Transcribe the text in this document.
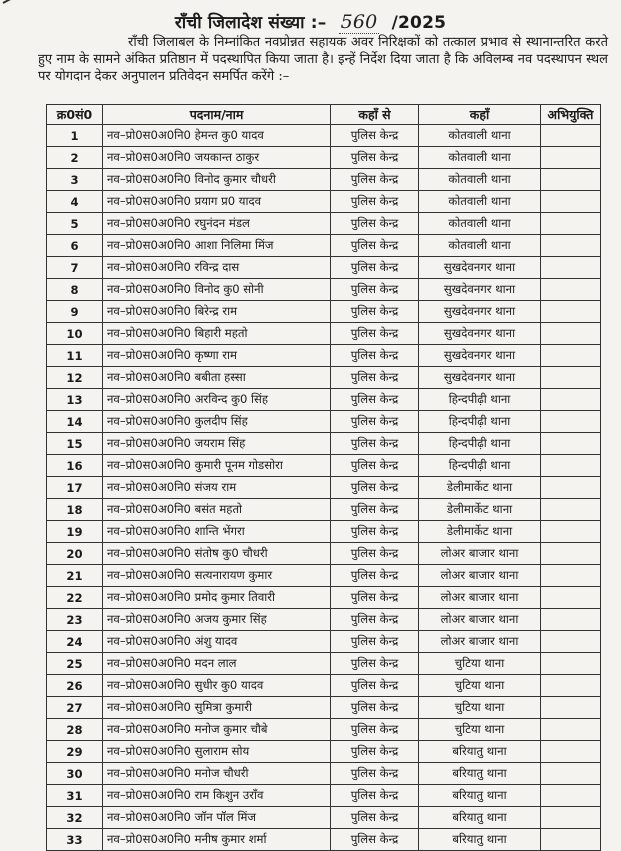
राँची जिलादेश संख्या :– 560 /2025
राँची जिलाबल के निम्नांकित नवप्रोन्नत सहायक अवर निरिक्षकों को तत्काल प्रभाव से स्थानान्तरित करते हुए नाम के सामने अंकित प्रतिष्ठान में पदस्थापित किया जाता है। इन्हें निर्देश दिया जाता है कि अविलम्ब नव पदस्थापन स्थल पर योगदान देकर अनुपालन प्रतिवेदन समर्पित करेंगे :–
क्र0सं0	पदनाम/नाम	कहाँ से	कहाँ	अभियुक्ति
1	नव–प्रो0स0अ0नि0 हेमन्त कु0 यादव	पुलिस केन्द्र	कोतवाली थाना	
2	नव–प्रो0स0अ0नि0 जयकान्त ठाकुर	पुलिस केन्द्र	कोतवाली थाना	
3	नव–प्रो0स0अ0नि0 विनोद कुमार चौधरी	पुलिस केन्द्र	कोतवाली थाना	
4	नव–प्रो0स0अ0नि0 प्रयाग प्र0 यादव	पुलिस केन्द्र	कोतवाली थाना	
5	नव–प्रो0स0अ0नि0 रघुनंदन मंडल	पुलिस केन्द्र	कोतवाली थाना	
6	नव–प्रो0स0अ0नि0 आशा निलिमा मिंज	पुलिस केन्द्र	कोतवाली थाना	
7	नव–प्रो0स0अ0नि0 रविन्द्र दास	पुलिस केन्द्र	सुखदेवनगर थाना	
8	नव–प्रो0स0अ0नि0 विनोद कु0 सोनी	पुलिस केन्द्र	सुखदेवनगर थाना	
9	नव–प्रो0स0अ0नि0 बिरेन्द्र राम	पुलिस केन्द्र	सुखदेवनगर थाना	
10	नव–प्रो0स0अ0नि0 बिहारी महतो	पुलिस केन्द्र	सुखदेवनगर थाना	
11	नव–प्रो0स0अ0नि0 कृष्णा राम	पुलिस केन्द्र	सुखदेवनगर थाना	
12	नव–प्रो0स0अ0नि0 बबीता हस्सा	पुलिस केन्द्र	सुखदेवनगर थाना	
13	नव–प्रो0स0अ0नि0 अरविन्द कु0 सिंह	पुलिस केन्द्र	हिन्दपीढ़ी थाना	
14	नव–प्रो0स0अ0नि0 कुलदीप सिंह	पुलिस केन्द्र	हिन्दपीढ़ी थाना	
15	नव–प्रो0स0अ0नि0 जयराम सिंह	पुलिस केन्द्र	हिन्दपीढ़ी थाना	
16	नव–प्रो0स0अ0नि0 कुमारी पूनम गोडसोरा	पुलिस केन्द्र	हिन्दपीढ़ी थाना	
17	नव–प्रो0स0अ0नि0 संजय राम	पुलिस केन्द्र	डेलीमार्केट थाना	
18	नव–प्रो0स0अ0नि0 बसंत महतो	पुलिस केन्द्र	डेलीमार्केट थाना	
19	नव–प्रो0स0अ0नि0 शान्ति भेंगरा	पुलिस केन्द्र	डेलीमार्केट थाना	
20	नव–प्रो0स0अ0नि0 संतोष कु0 चौधरी	पुलिस केन्द्र	लोअर बाजार थाना	
21	नव–प्रो0स0अ0नि0 सत्यनारायण कुमार	पुलिस केन्द्र	लोअर बाजार थाना	
22	नव–प्रो0स0अ0नि0 प्रमोद कुमार तिवारी	पुलिस केन्द्र	लोअर बाजार थाना	
23	नव–प्रो0स0अ0नि0 अजय कुमार सिंह	पुलिस केन्द्र	लोअर बाजार थाना	
24	नव–प्रो0स0अ0नि0 अंशु यादव	पुलिस केन्द्र	लोअर बाजार थाना	
25	नव–प्रो0स0अ0नि0 मदन लाल	पुलिस केन्द्र	चुटिया थाना	
26	नव–प्रो0स0अ0नि0 सुधीर कु0 यादव	पुलिस केन्द्र	चुटिया थाना	
27	नव–प्रो0स0अ0नि0 सुमित्रा कुमारी	पुलिस केन्द्र	चुटिया थाना	
28	नव–प्रो0स0अ0नि0 मनोज कुमार चौबे	पुलिस केन्द्र	चुटिया थाना	
29	नव–प्रो0स0अ0नि0 सुलाराम सोय	पुलिस केन्द्र	बरियातु थाना	
30	नव–प्रो0स0अ0नि0 मनोज चौधरी	पुलिस केन्द्र	बरियातु थाना	
31	नव–प्रो0स0अ0नि0 राम किशुन उराँव	पुलिस केन्द्र	बरियातु थाना	
32	नव–प्रो0स0अ0नि0 जॉन पॉल मिंज	पुलिस केन्द्र	बरियातु थाना	
33	नव–प्रो0स0अ0नि0 मनीष कुमार शर्मा	पुलिस केन्द्र	बरियातु थाना	
